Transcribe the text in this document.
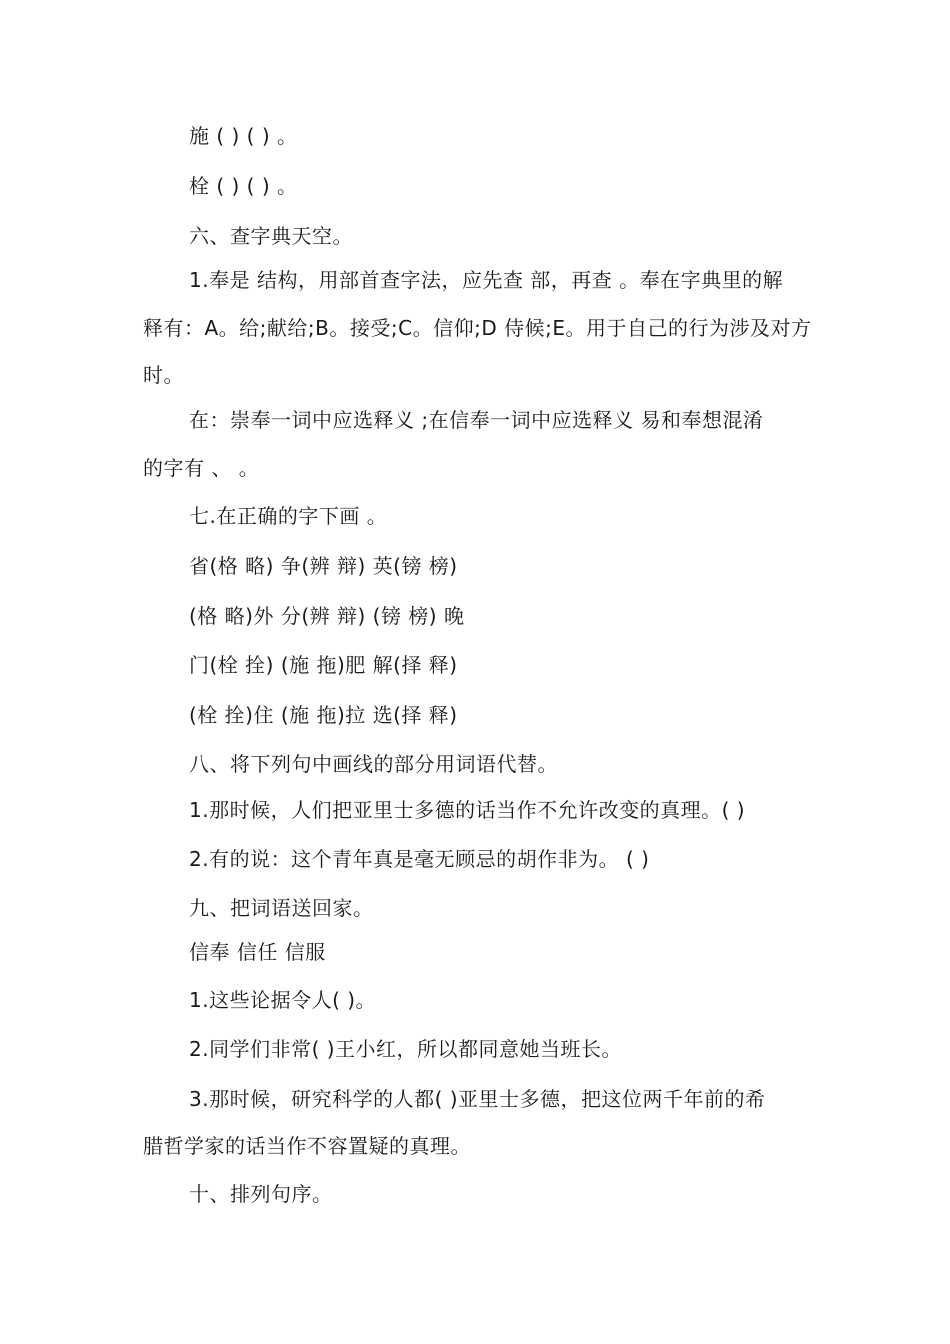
施 ( ) ( ) 。
栓 ( ) ( ) 。
六、查字典天空。
1.奉是 结构，用部首查字法，应先查 部，再查 。奉在字典里的解
释有：A。给;献给;B。接受;C。信仰;D 侍候;E。用于自己的行为涉及对方
时。
在：崇奉一词中应选释义 ;在信奉一词中应选释义 易和奉想混淆
的字有 、 。
七.在正确的字下画 。
省(格 略) 争(辨 辩) 英(镑 榜)
(格 略)外 分(辨 辩) (镑 榜) 晚
门(栓 拴) (施 拖)肥 解(择 释)
(栓 拴)住 (施 拖)拉 选(择 释)
八、将下列句中画线的部分用词语代替。
1.那时候，人们把亚里士多德的话当作不允许改变的真理。( )
2.有的说：这个青年真是毫无顾忌的胡作非为。 ( )
九、把词语送回家。
信奉 信任 信服
1.这些论据令人( )。
2.同学们非常( )王小红，所以都同意她当班长。
3.那时候，研究科学的人都( )亚里士多德，把这位两千年前的希
腊哲学家的话当作不容置疑的真理。
十、排列句序。
